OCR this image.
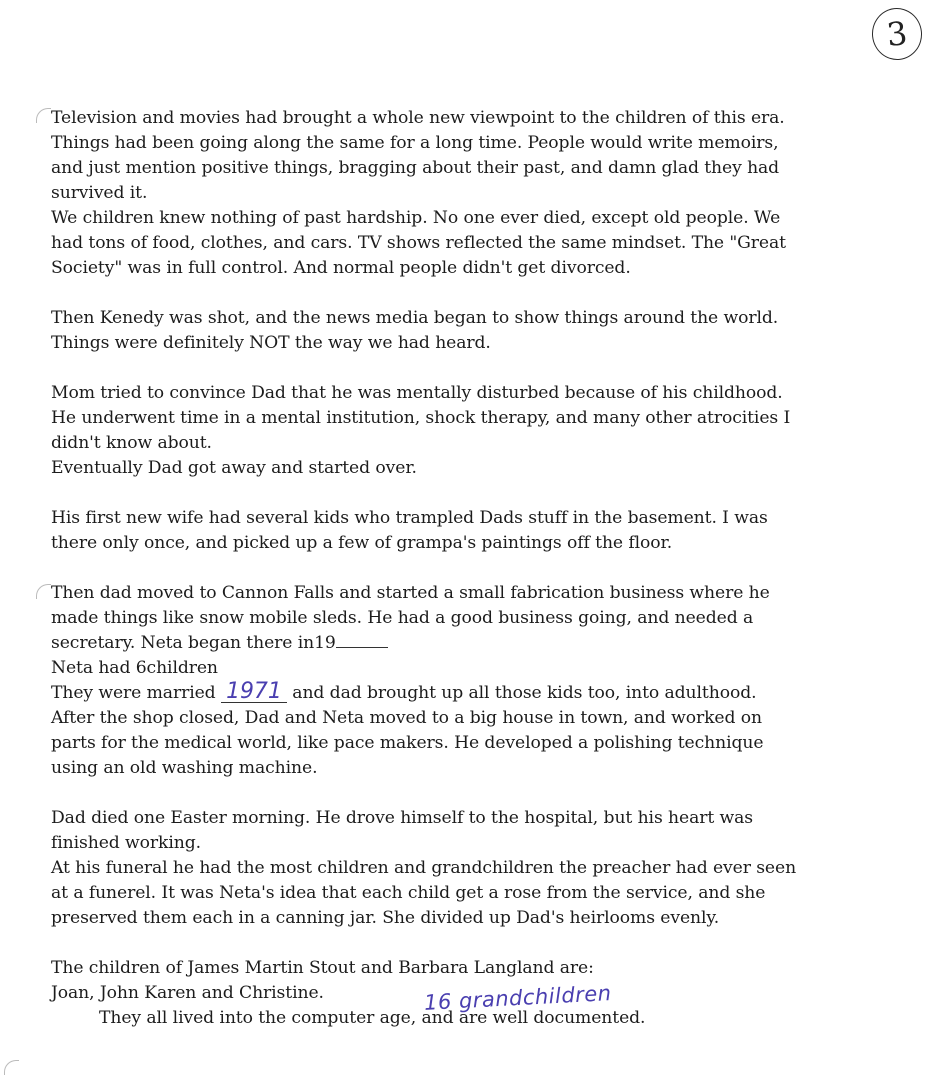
3
Television and movies had brought a whole new viewpoint to the children of this era.
Things had been going along the same for a long time. People would write memoirs,
and just mention positive things, bragging about their past, and damn glad they had
survived it.
We children knew nothing of past hardship. No one ever died, except old people. We
had tons of food, clothes, and cars. TV shows reflected the same mindset. The "Great
Society" was in full control. And normal people didn't get divorced.
Then Kenedy was shot, and the news media began to show things around the world.
Things were definitely NOT the way we had heard.
Mom tried to convince Dad that he was mentally disturbed because of his childhood.
He underwent time in a mental institution, shock therapy, and many other atrocities I
didn't know about.
Eventually Dad got away and started over.
His first new wife had several kids who trampled Dads stuff in the basement. I was
there only once, and picked up a few of grampa's paintings off the floor.
Then dad moved to Cannon Falls and started a small fabrication business where he
made things like snow mobile sleds. He had a good business going, and needed a
secretary. Neta began there in19
Neta had 6children
They were married 1971 and dad brought up all those kids too, into adulthood.
After the shop closed, Dad and Neta moved to a big house in town, and worked on
parts for the medical world, like pace makers. He developed a polishing technique
using an old washing machine.
Dad died one Easter morning. He drove himself to the hospital, but his heart was
finished working.
At his funeral he had the most children and grandchildren the preacher had ever seen
at a funerel. It was Neta's idea that each child get a rose from the service, and she
preserved them each in a canning jar. She divided up Dad's heirlooms evenly.
The children of James Martin Stout and Barbara Langland are:
Joan, John Karen and Christine.
They all lived into the computer age, and are well documented.
16 grandchildren
